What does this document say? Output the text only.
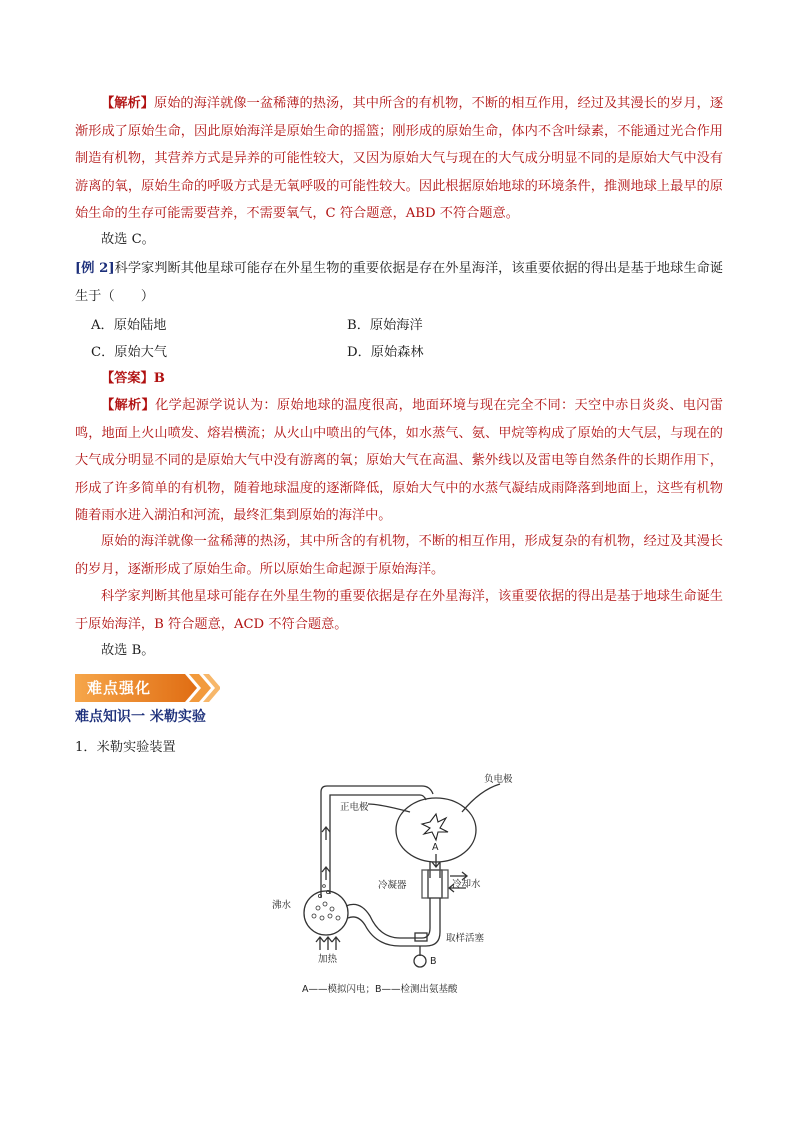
【解析】原始的海洋就像一盆稀薄的热汤，其中所含的有机物，不断的相互作用，经过及其漫长的岁月，逐渐形成了原始生命，因此原始海洋是原始生命的摇篮；刚形成的原始生命，体内不含叶绿素，不能通过光合作用制造有机物，其营养方式是异养的可能性较大，又因为原始大气与现在的大气成分明显不同的是原始大气中没有游离的氧，原始生命的呼吸方式是无氧呼吸的可能性较大。因此根据原始地球的环境条件，推测地球上最早的原始生命的生存可能需要营养，不需要氧气，C 符合题意，ABD 不符合题意。
故选 C。
[例 2]科学家判断其他星球可能存在外星生物的重要依据是存在外星海洋，该重要依据的得出是基于地球生命诞生于（　　）
A．原始陆地	B．原始海洋
C．原始大气	D．原始森林
【答案】B
【解析】化学起源学说认为：原始地球的温度很高，地面环境与现在完全不同：天空中赤日炎炎、电闪雷鸣，地面上火山喷发、熔岩横流；从火山中喷出的气体，如水蒸气、氨、甲烷等构成了原始的大气层，与现在的大气成分明显不同的是原始大气中没有游离的氧；原始大气在高温、紫外线以及雷电等自然条件的长期作用下，形成了许多简单的有机物，随着地球温度的逐渐降低，原始大气中的水蒸气凝结成雨降落到地面上，这些有机物随着雨水进入湖泊和河流，最终汇集到原始的海洋中。
原始的海洋就像一盆稀薄的热汤，其中所含的有机物，不断的相互作用，形成复杂的有机物，经过及其漫长的岁月，逐渐形成了原始生命。所以原始生命起源于原始海洋。
科学家判断其他星球可能存在外星生物的重要依据是存在外星海洋，该重要依据的得出是基于地球生命诞生于原始海洋，B 符合题意，ACD 不符合题意。
故选 B。
难点强化
难点知识一 米勒实验
1．米勒实验装置
负电极
正电极
A
冷凝器	冷却水
沸水
加热
取样活塞
B
A——模拟闪电；B——检测出氨基酸
